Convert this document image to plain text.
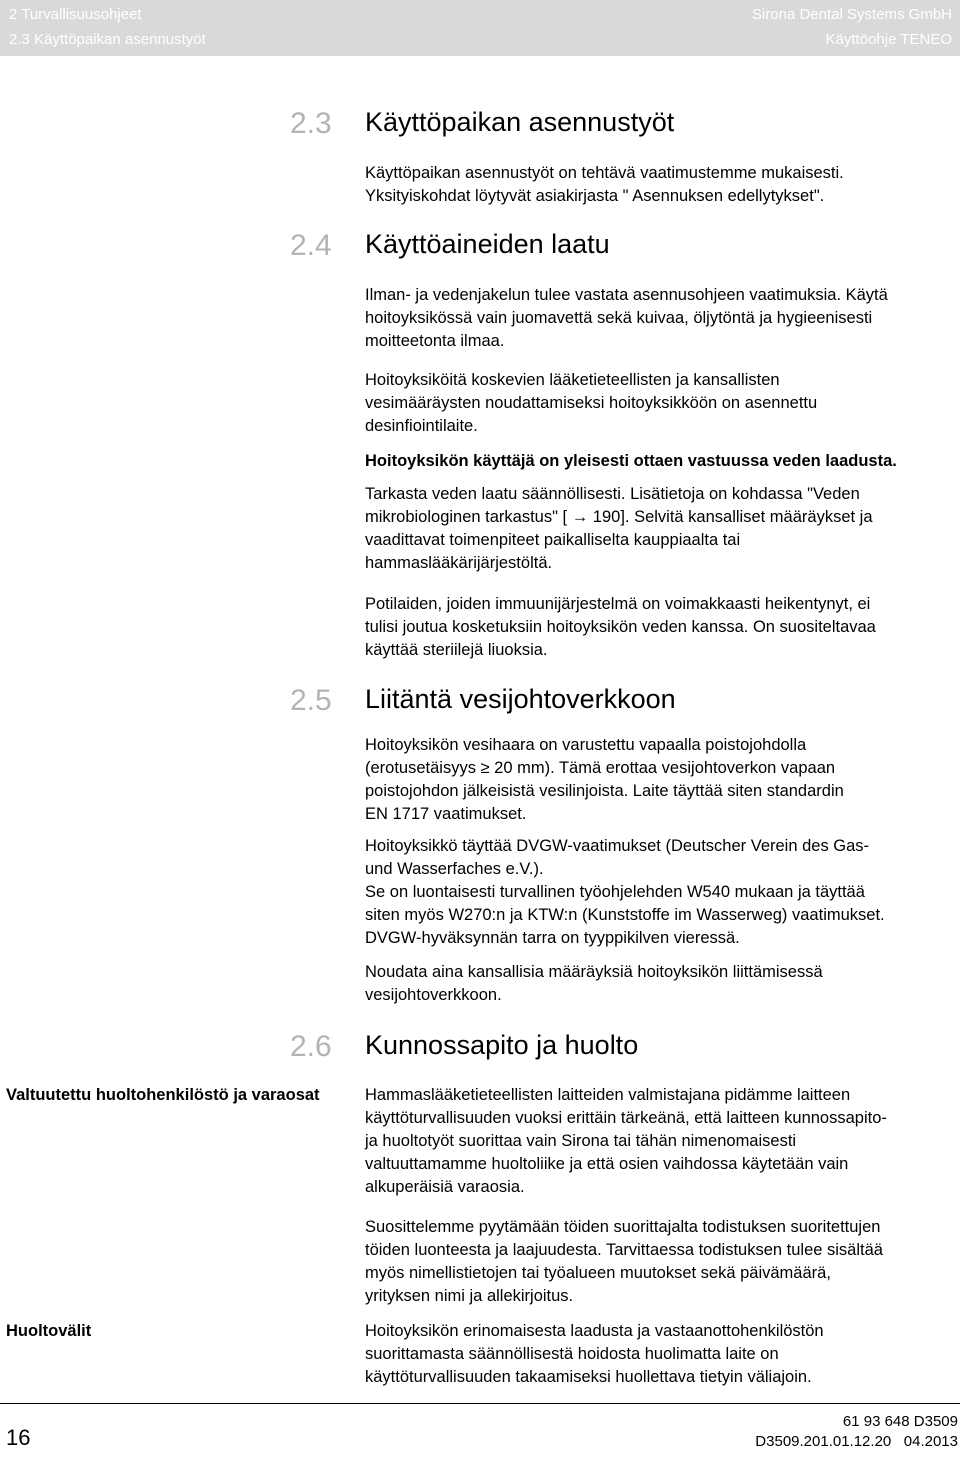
2 Turvallisuusohjeet
2.3 Käyttöpaikan asennustyöt
Sirona Dental Systems GmbH
Käyttöohje TENEO
2.3 Käyttöpaikan asennustyöt

Käyttöpaikan asennustyöt on tehtävä vaatimustemme mukaisesti.
Yksityiskohdat löytyvät asiakirjasta " Asennuksen edellytykset".

2.4 Käyttöaineiden laatu

Ilman- ja vedenjakelun tulee vastata asennusohjeen vaatimuksia. Käytä
hoitoyksikössä vain juomavettä sekä kuivaa, öljytöntä ja hygieenisesti
moitteetonta ilmaa.

Hoitoyksiköitä koskevien lääketieteellisten ja kansallisten
vesimääräysten noudattamiseksi hoitoyksikköön on asennettu
desinfiointilaite.

Hoitoyksikön käyttäjä on yleisesti ottaen vastuussa veden laadusta.

Tarkasta veden laatu säännöllisesti. Lisätietoja on kohdassa "Veden
mikrobiologinen tarkastus" [ → 190]. Selvitä kansalliset määräykset ja
vaadittavat toimenpiteet paikalliselta kauppiaalta tai
hammaslääkärijärjestöltä.

Potilaiden, joiden immuunijärjestelmä on voimakkaasti heikentynyt, ei
tulisi joutua kosketuksiin hoitoyksikön veden kanssa. On suositeltavaa
käyttää steriilejä liuoksia.

2.5 Liitäntä vesijohtoverkkoon

Hoitoyksikön vesihaara on varustettu vapaalla poistojohdolla
(erotusetäisyys ≥ 20 mm). Tämä erottaa vesijohtoverkon vapaan
poistojohdon jälkeisistä vesilinjoista. Laite täyttää siten standardin
EN 1717 vaatimukset.

Hoitoyksikkö täyttää DVGW-vaatimukset (Deutscher Verein des Gas-
und Wasserfaches e.V.).
Se on luontaisesti turvallinen työohjelehden W540 mukaan ja täyttää
siten myös W270:n ja KTW:n (Kunststoffe im Wasserweg) vaatimukset.
DVGW-hyväksynnän tarra on tyyppikilven vieressä.

Noudata aina kansallisia määräyksiä hoitoyksikön liittämisessä
vesijohtoverkkoon.

2.6 Kunnossapito ja huolto
Valtuutettu huoltohenkilöstö ja varaosat	Hammaslääketieteellisten laitteiden valmistajana pidämme laitteen
käyttöturvallisuuden vuoksi erittäin tärkeänä, että laitteen kunnossapito-
ja huoltotyöt suorittaa vain Sirona tai tähän nimenomaisesti
valtuuttamamme huoltoliike ja että osien vaihdossa käytetään vain
alkuperäisiä varaosia.

Suosittelemme pyytämään töiden suorittajalta todistuksen suoritettujen
töiden luonteesta ja laajuudesta. Tarvittaessa todistuksen tulee sisältää
myös nimellistietojen tai työalueen muutokset sekä päivämäärä,
yrityksen nimi ja allekirjoitus.

Huoltovälit	Hoitoyksikön erinomaisesta laadusta ja vastaanottohenkilöstön
suorittamasta säännöllisestä hoidosta huolimatta laite on
käyttöturvallisuuden takaamiseksi huollettava tietyin väliajoin.

16
61 93 648 D3509
D3509.201.01.12.20 04.2013
